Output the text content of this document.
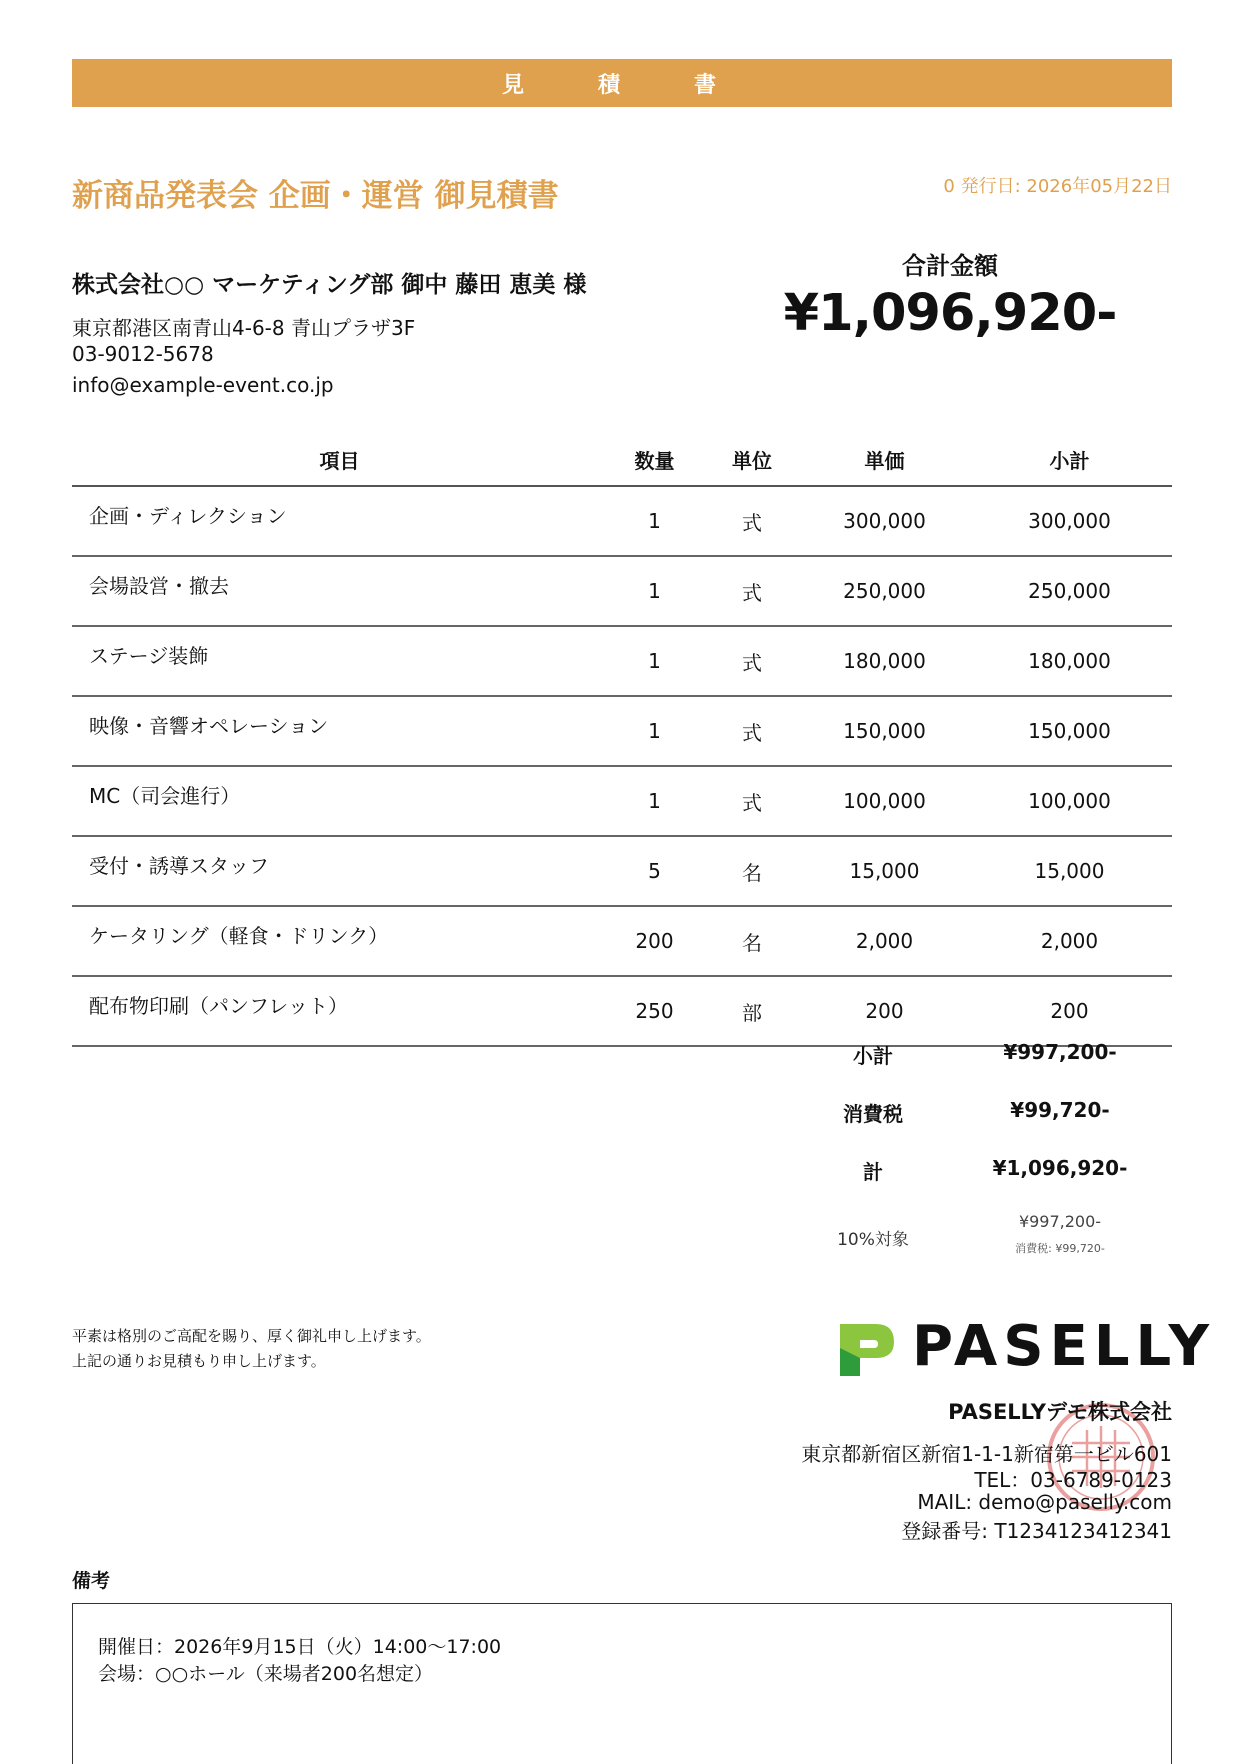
見　積　書
新商品発表会 企画・運営 御見積書	0 発行日: 2026年05月22日
株式会社○○ マーケティング部 御中 藤田 恵美 様
東京都港区南青山4-6-8 青山プラザ3F
03-9012-5678
info@example-event.co.jp
合計金額
¥1,096,920-
項目	数量	単位	単価	小計
企画・ディレクション	1	式	300,000	300,000
会場設営・撤去	1	式	250,000	250,000
ステージ装飾	1	式	180,000	180,000
映像・音響オペレーション	1	式	150,000	150,000
MC（司会進行）	1	式	100,000	100,000
受付・誘導スタッフ	5	名	15,000	15,000
ケータリング（軽食・ドリンク）	200	名	2,000	2,000
配布物印刷（パンフレット）	250	部	200	200
小計	¥997,200-
消費税	¥99,720-
計	¥1,096,920-
10%対象
¥997,200-
消費税: ¥99,720-
平素は格別のご高配を賜り、厚く御礼申し上げます。
上記の通りお見積もり申し上げます。	PASELLY
PASELLYデモ株式会社
東京都新宿区新宿1-1-1新宿第一ビル601
TEL：03-6789-0123
MAIL: demo@paselly.com
登録番号: T1234123412341
備考
開催日：2026年9月15日（火）14:00〜17:00
会場：○○ホール（来場者200名想定）
